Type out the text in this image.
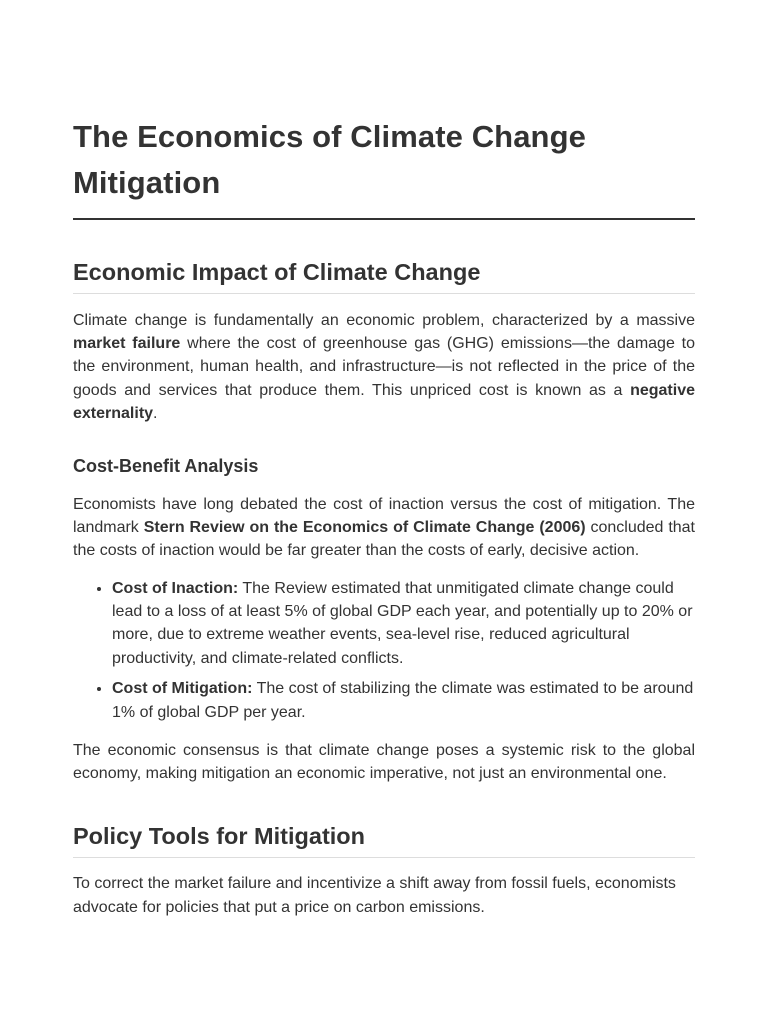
The Economics of Climate Change Mitigation
Economic Impact of Climate Change

Climate change is fundamentally an economic problem, characterized by a massive market failure where the cost of greenhouse gas (GHG) emissions—the damage to the environment, human health, and infrastructure—is not reflected in the price of the goods and services that produce them. This unpriced cost is known as a negative externality.

Cost-Benefit Analysis

Economists have long debated the cost of inaction versus the cost of mitigation. The landmark Stern Review on the Economics of Climate Change (2006) concluded that the costs of inaction would be far greater than the costs of early, decisive action.

• Cost of Inaction: The Review estimated that unmitigated climate change could lead to a loss of at least 5% of global GDP each year, and potentially up to 20% or more, due to extreme weather events, sea-level rise, reduced agricultural productivity, and climate-related conflicts.
• Cost of Mitigation: The cost of stabilizing the climate was estimated to be around 1% of global GDP per year.

The economic consensus is that climate change poses a systemic risk to the global economy, making mitigation an economic imperative, not just an environmental one.

Policy Tools for Mitigation

To correct the market failure and incentivize a shift away from fossil fuels, economists advocate for policies that put a price on carbon emissions.
